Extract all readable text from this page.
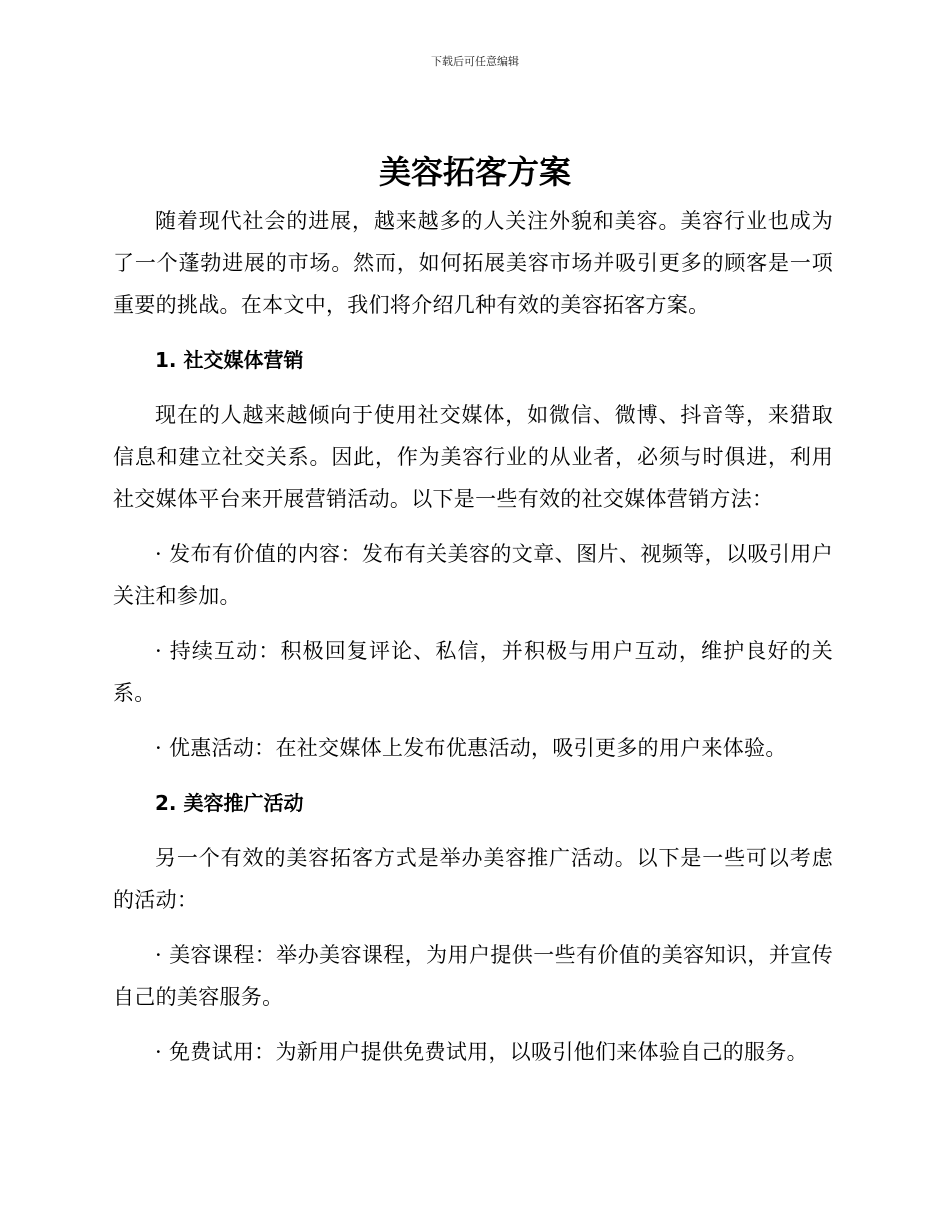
下载后可任意编辑
美容拓客方案

随着现代社会的进展，越来越多的人关注外貌和美容。美容行业也成为了一个蓬勃进展的市场。然而，如何拓展美容市场并吸引更多的顾客是一项重要的挑战。在本文中，我们将介绍几种有效的美容拓客方案。

1. 社交媒体营销

现在的人越来越倾向于使用社交媒体，如微信、微博、抖音等，来猎取信息和建立社交关系。因此，作为美容行业的从业者，必须与时俱进，利用社交媒体平台来开展营销活动。以下是一些有效的社交媒体营销方法：

· 发布有价值的内容：发布有关美容的文章、图片、视频等，以吸引用户关注和参加。

· 持续互动：积极回复评论、私信，并积极与用户互动，维护良好的关系。

· 优惠活动：在社交媒体上发布优惠活动，吸引更多的用户来体验。

2. 美容推广活动

另一个有效的美容拓客方式是举办美容推广活动。以下是一些可以考虑的活动：

· 美容课程：举办美容课程，为用户提供一些有价值的美容知识，并宣传自己的美容服务。

· 免费试用：为新用户提供免费试用，以吸引他们来体验自己的服务。
